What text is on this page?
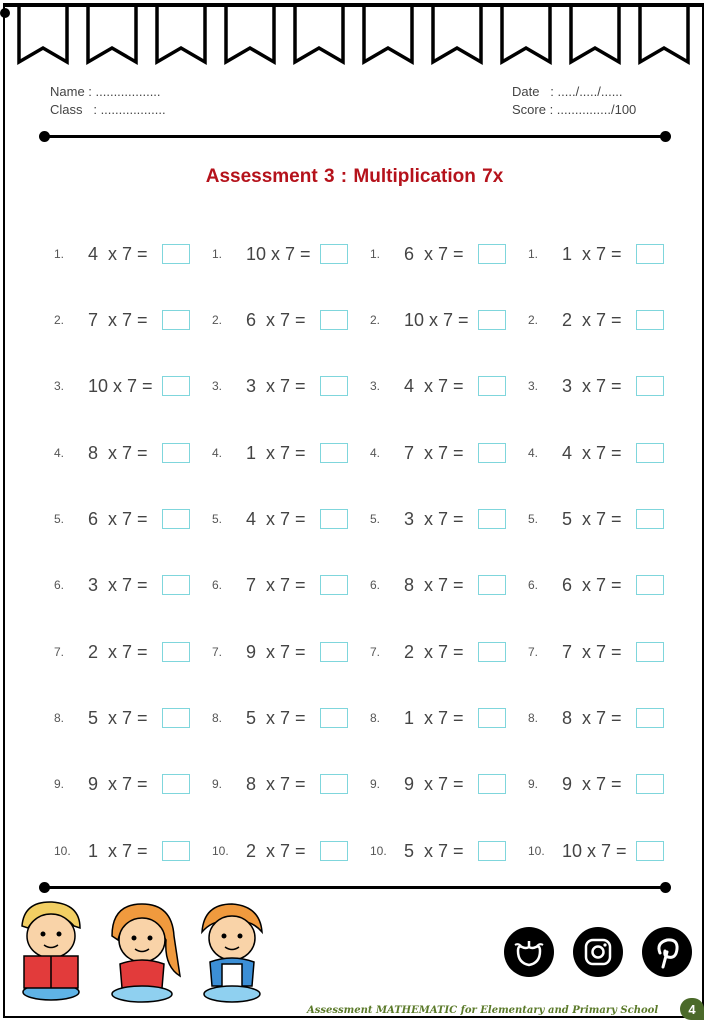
Name : ..................
Class   : ..................
Date   : ...../...../......
Score : .............../100
Assessment 3 : Multiplication 7x
1.	4  x 7 =
2.	7  x 7 =
3.	10 x 7 =
4.	8  x 7 =
5.	6  x 7 =
6.	3  x 7 =
7.	2  x 7 =
8.	5  x 7 =
9.	9  x 7 =
10. 1  x 7 =
1.	10 x 7 =
2.	6  x 7 =
3.	3  x 7 =
4.	1  x 7 =
5.	4  x 7 =
6.	7  x 7 =
7.	9  x 7 =
8.	5  x 7 =
9.	8  x 7 =
10. 2  x 7 =
1.	6  x 7 =
2.	10 x 7 =
3.	4  x 7 =
4.	7  x 7 =
5.	3  x 7 =
6.	8  x 7 =
7.	2  x 7 =
8.	1  x 7 =
9.	9  x 7 =
10. 5  x 7 =
1.	1  x 7 =
2.	2  x 7 =
3.	3  x 7 =
4.	4  x 7 =
5.	5  x 7 =
6.	6  x 7 =
7.	7  x 7 =
8.	8  x 7 =
9.	9  x 7 =
10. 10 x 7 =
Assessment MATHEMATIC for Elementary and Primary School	4
